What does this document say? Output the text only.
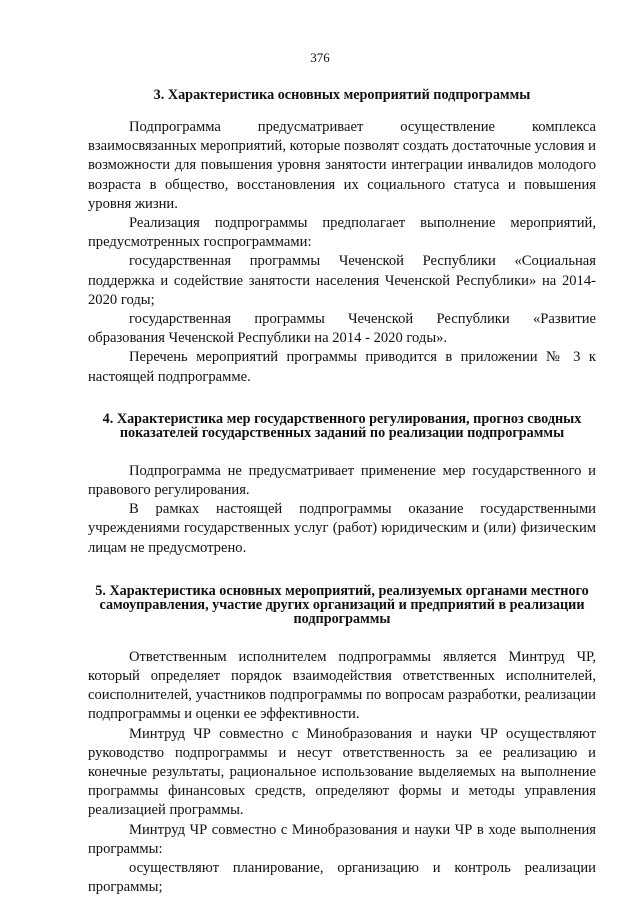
376
3. Характеристика основных мероприятий подпрограммы

Подпрограмма предусматривает осуществление комплекса взаимосвязанных мероприятий, которые позволят создать достаточные условия и возможности для повышения уровня занятости интеграции инвалидов молодого возраста в общество, восстановления их социального статуса и повышения уровня жизни.

Реализация подпрограммы предполагает выполнение мероприятий, предусмотренных госпрограммами:

государственная программы Чеченской Республики «Социальная поддержка и содействие занятости населения Чеченской Республики» на 2014-2020 годы;

государственная программы Чеченской Республики «Развитие образования Чеченской Республики на 2014 - 2020 годы».

Перечень мероприятий программы приводится в приложении № 3 к настоящей подпрограмме.

4. Характеристика мер государственного регулирования, прогноз сводных показателей государственных заданий по реализации подпрограммы

Подпрограмма не предусматривает применение мер государственного и правового регулирования.

В рамках настоящей подпрограммы оказание государственными учреждениями государственных услуг (работ) юридическим и (или) физическим лицам не предусмотрено.

5. Характеристика основных мероприятий, реализуемых органами местного самоуправления, участие других организаций и предприятий в реализации подпрограммы

Ответственным исполнителем подпрограммы является Минтруд ЧР, который определяет порядок взаимодействия ответственных исполнителей, соисполнителей, участников подпрограммы по вопросам разработки, реализации подпрограммы и оценки ее эффективности.

Минтруд ЧР совместно с Минобразования и науки ЧР осуществляют руководство подпрограммы и несут ответственность за ее реализацию и конечные результаты, рациональное использование выделяемых на выполнение программы финансовых средств, определяют формы и методы управления реализацией программы.

Минтруд ЧР совместно с Минобразования и науки ЧР в ходе выполнения программы:

осуществляют планирование, организацию и контроль реализации программы;
